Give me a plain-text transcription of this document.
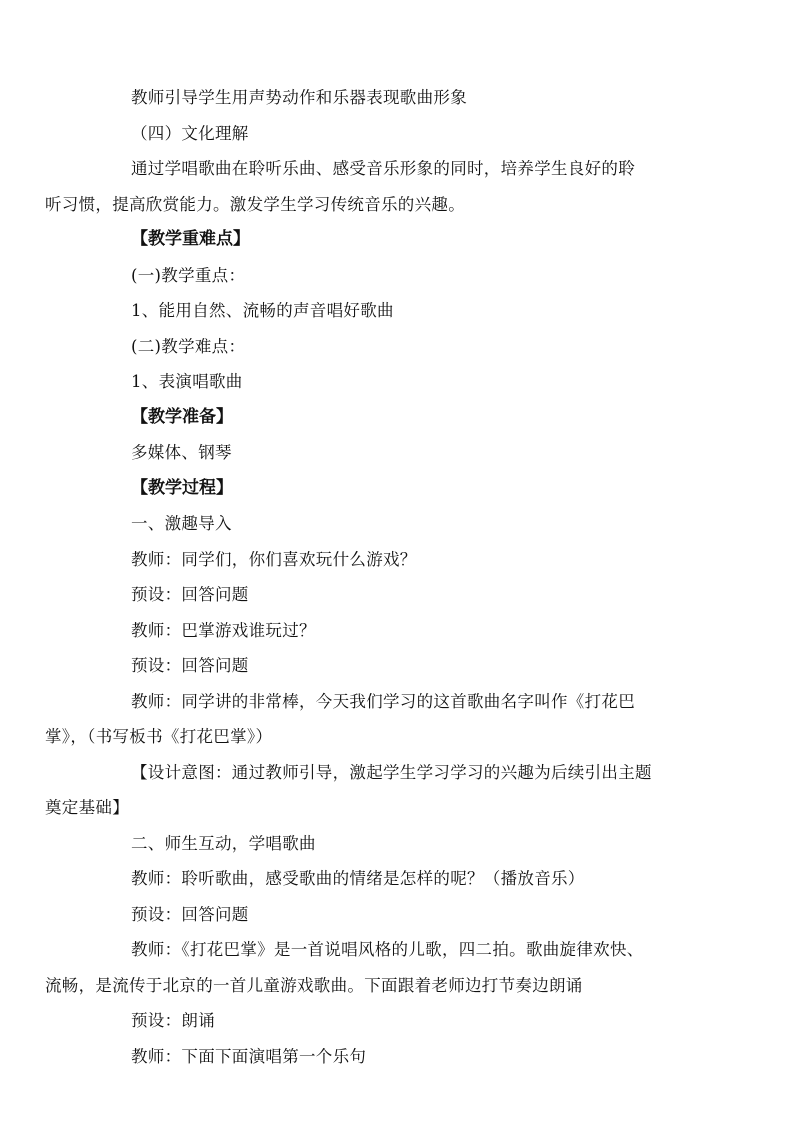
教师引导学生用声势动作和乐器表现歌曲形象
（四）文化理解
通过学唱歌曲在聆听乐曲、感受音乐形象的同时，培养学生良好的聆
听习惯，提高欣赏能力。激发学生学习传统音乐的兴趣。
【教学重难点】
(一)教学重点：
1、能用自然、流畅的声音唱好歌曲
(二)教学难点：
1、表演唱歌曲
【教学准备】
多媒体、钢琴
【教学过程】
一、激趣导入
教师：同学们，你们喜欢玩什么游戏？
预设：回答问题
教师：巴掌游戏谁玩过？
预设：回答问题
教师：同学讲的非常棒，今天我们学习的这首歌曲名字叫作《打花巴
掌》，（书写板书《打花巴掌》）
【设计意图：通过教师引导，激起学生学习学习的兴趣为后续引出主题
奠定基础】
二、师生互动，学唱歌曲
教师：聆听歌曲，感受歌曲的情绪是怎样的呢？（播放音乐）
预设：回答问题
教师：《打花巴掌》是一首说唱风格的儿歌，四二拍。歌曲旋律欢快、
流畅，是流传于北京的一首儿童游戏歌曲。下面跟着老师边打节奏边朗诵
预设：朗诵
教师：下面下面演唱第一个乐句
